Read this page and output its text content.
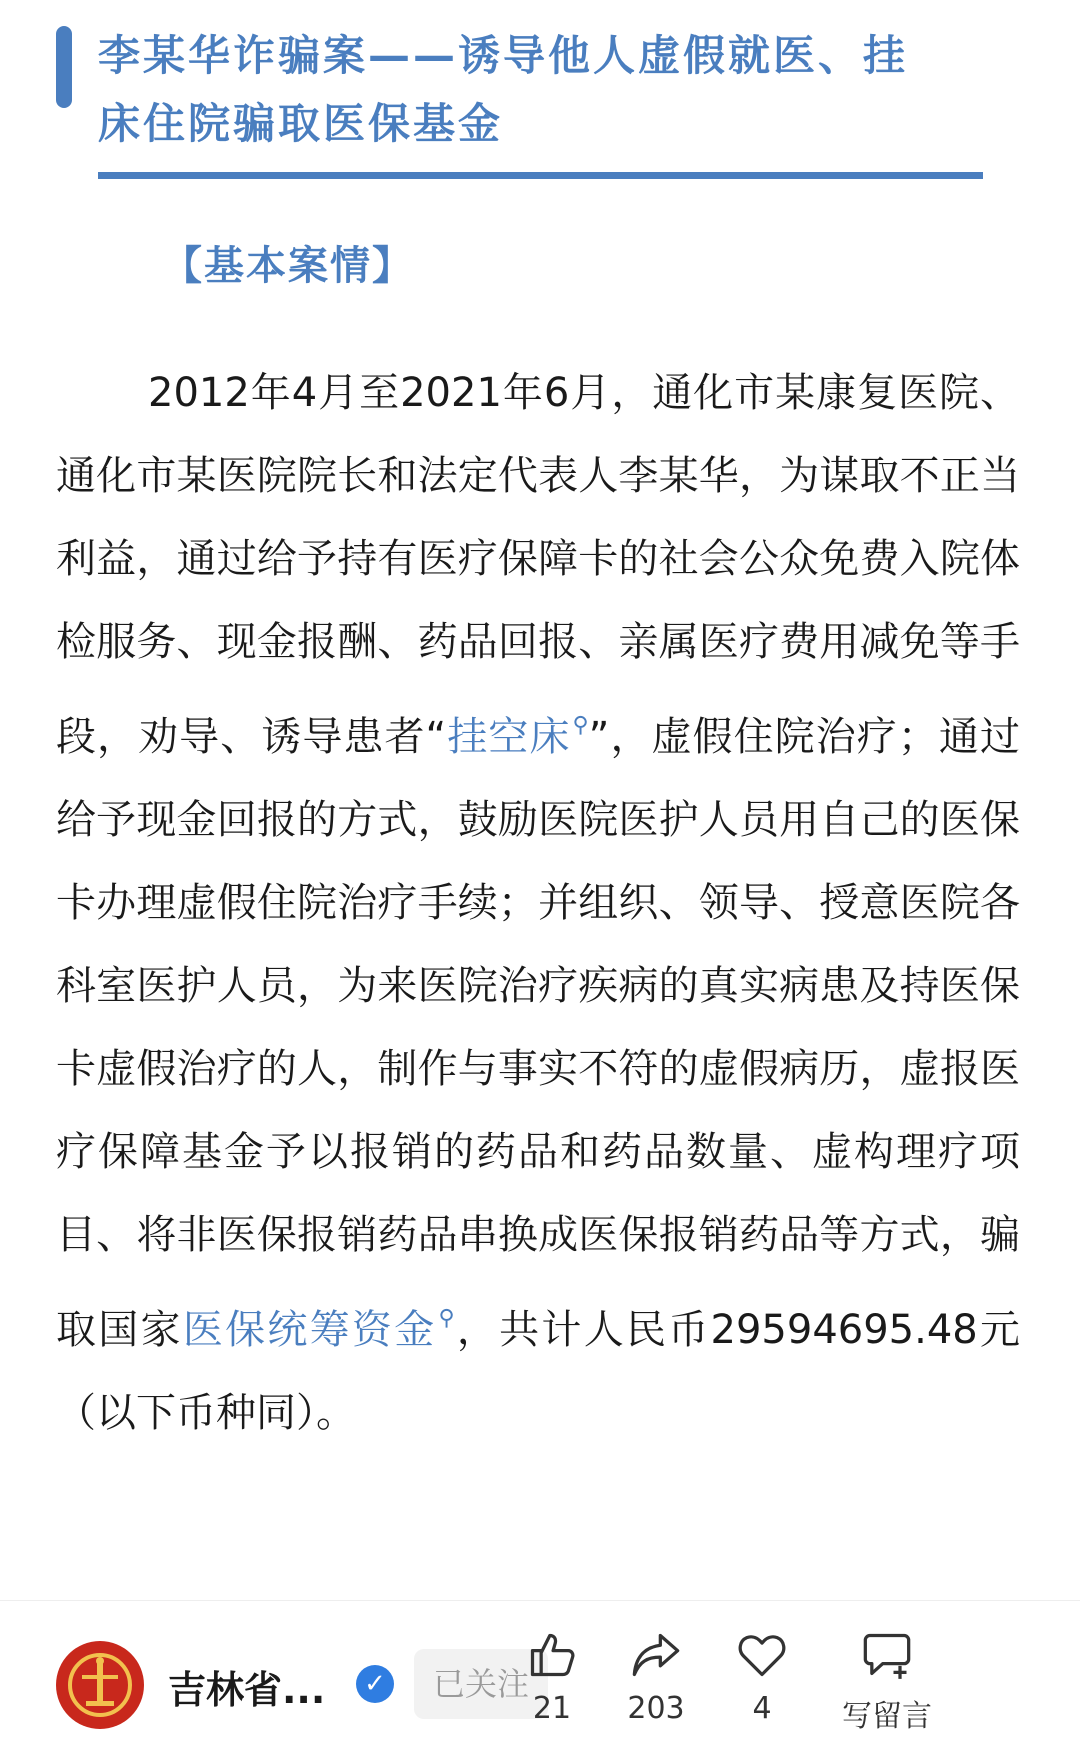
李某华诈骗案——诱导他人虚假就医、挂
床住院骗取医保基金
【基本案情】
2012年4月至2021年6月，通化市某康复医院、通化市某医院院长和法定代表人李某华，为谋取不正当利益，通过给予持有医疗保障卡的社会公众免费入院体检服务、现金报酬、药品回报、亲属医疗费用减免等手段，劝导、诱导患者“挂空床⚲”，虚假住院治疗；通过给予现金回报的方式，鼓励医院医护人员用自己的医保卡办理虚假住院治疗手续；并组织、领导、授意医院各科室医护人员，为来医院治疗疾病的真实病患及持医保卡虚假治疗的人，制作与事实不符的虚假病历，虚报医疗保障基金予以报销的药品和药品数量、虚构理疗项目、将非医保报销药品串换成医保报销药品等方式，骗取国家医保统筹资金⚲，共计人民币29594695.48元（以下币种同）。
吉林省...	✓	已关注
21	203	4	写留言
